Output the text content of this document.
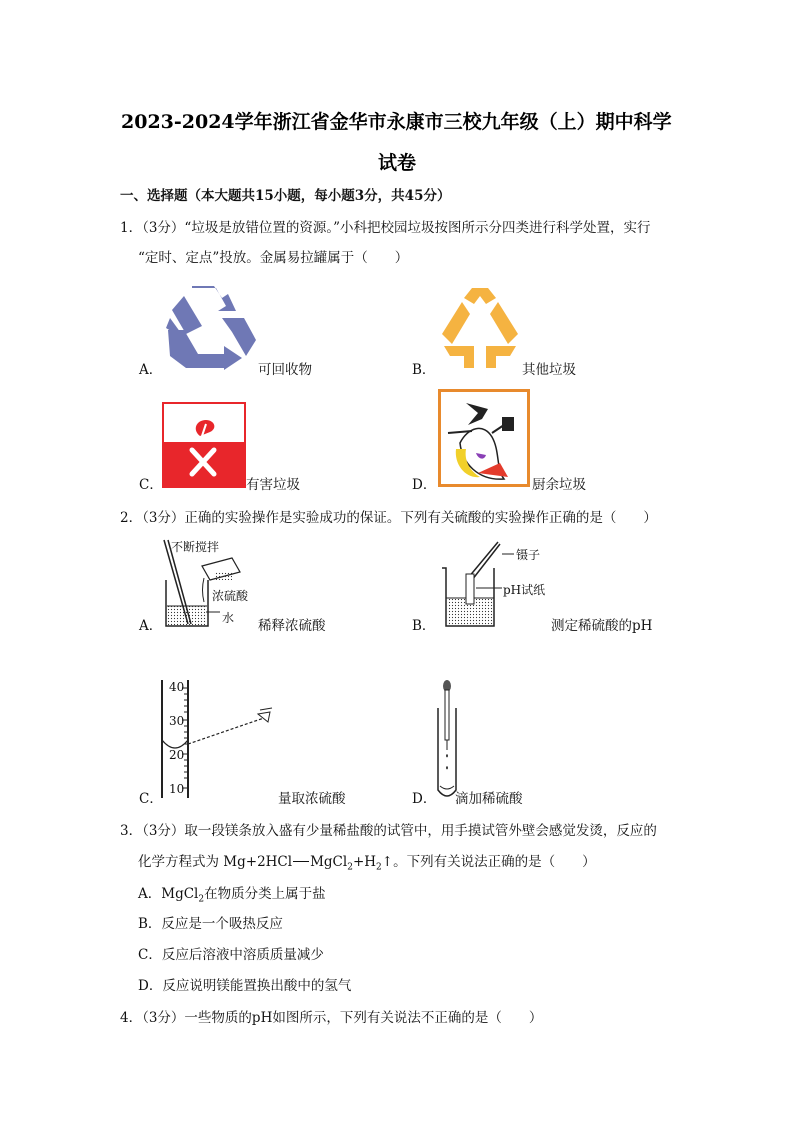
2023-2024学年浙江省金华市永康市三校九年级（上）期中科学
试卷
一、选择题（本大题共15小题，每小题3分，共45分）
1．（3分）“垃圾是放错位置的资源。”小科把校园垃圾按图所示分四类进行科学处置，实行
“定时、定点”投放。金属易拉罐属于（　　）
A．	可回收物	B．	其他垃圾
C．	有害垃圾	D．	厨余垃圾
2．（3分）正确的实验操作是实验成功的保证。下列有关硫酸的实验操作正确的是（　　）
不断搅拌
浓硫酸
水
A．	稀释浓硫酸
镊子
pH试纸
B．	测定稀硫酸的pH
40
30
20
10
C．	量取浓硫酸	D． 滴加稀硫酸
3．（3分）取一段镁条放入盛有少量稀盐酸的试管中，用手摸试管外壁会感觉发烫，反应的
化学方程式为 Mg+2HCl $MgCl_2+H_2↑$。下列有关说法正确的是（　　）
A．MgCl$_2$在物质分类上属于盐
B．反应是一个吸热反应
C．反应后溶液中溶质质量减少
D．反应说明镁能置换出酸中的氢气
4．（3分）一些物质的pH如图所示，下列有关说法不正确的是（　　）
